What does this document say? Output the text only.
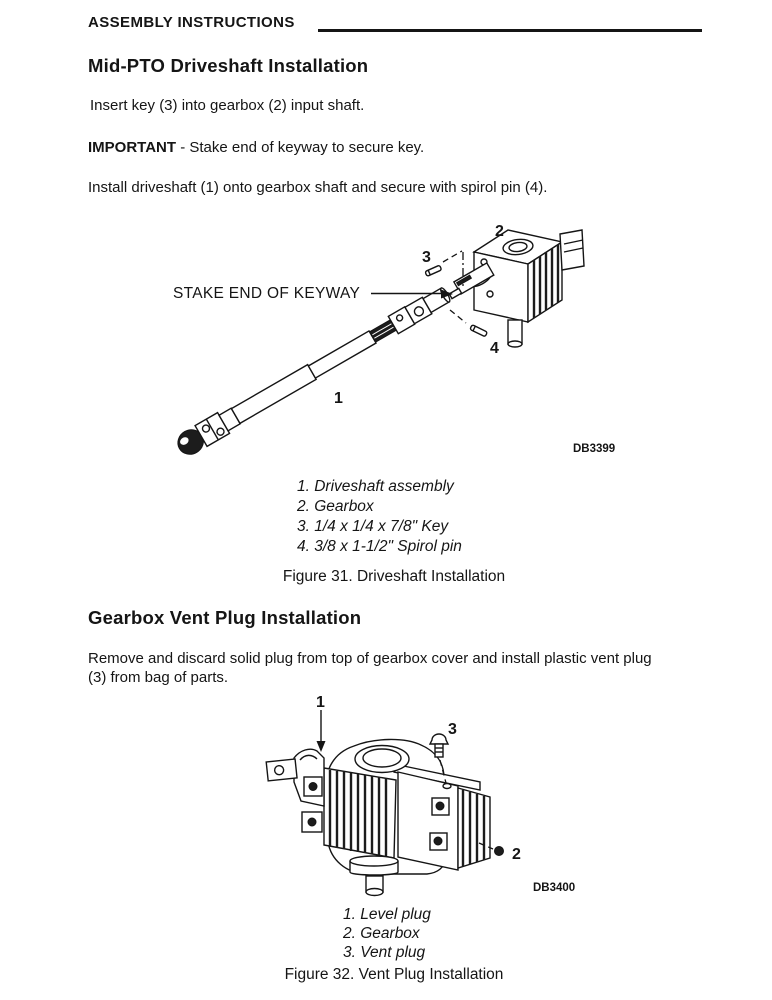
ASSEMBLY INSTRUCTIONS
Mid-PTO Driveshaft Installation
Insert key (3) into gearbox (2) input shaft.
IMPORTANT - Stake end of keyway to secure key.
Install driveshaft (1) onto gearbox shaft and secure with spirol pin (4).
STAKE END OF KEYWAY
1
2
3
4
DB3399
1. Driveshaft assembly
2. Gearbox
3. 1/4 x 1/4 x 7/8" Key
4. 3/8 x 1-1/2" Spirol pin
Figure 31. Driveshaft Installation
Gearbox Vent Plug Installation
Remove and discard solid plug from top of gearbox cover and install plastic vent plug
(3) from bag of parts.
1
2
3
DB3400
1. Level plug
2. Gearbox
3. Vent plug
Figure 32. Vent Plug Installation
